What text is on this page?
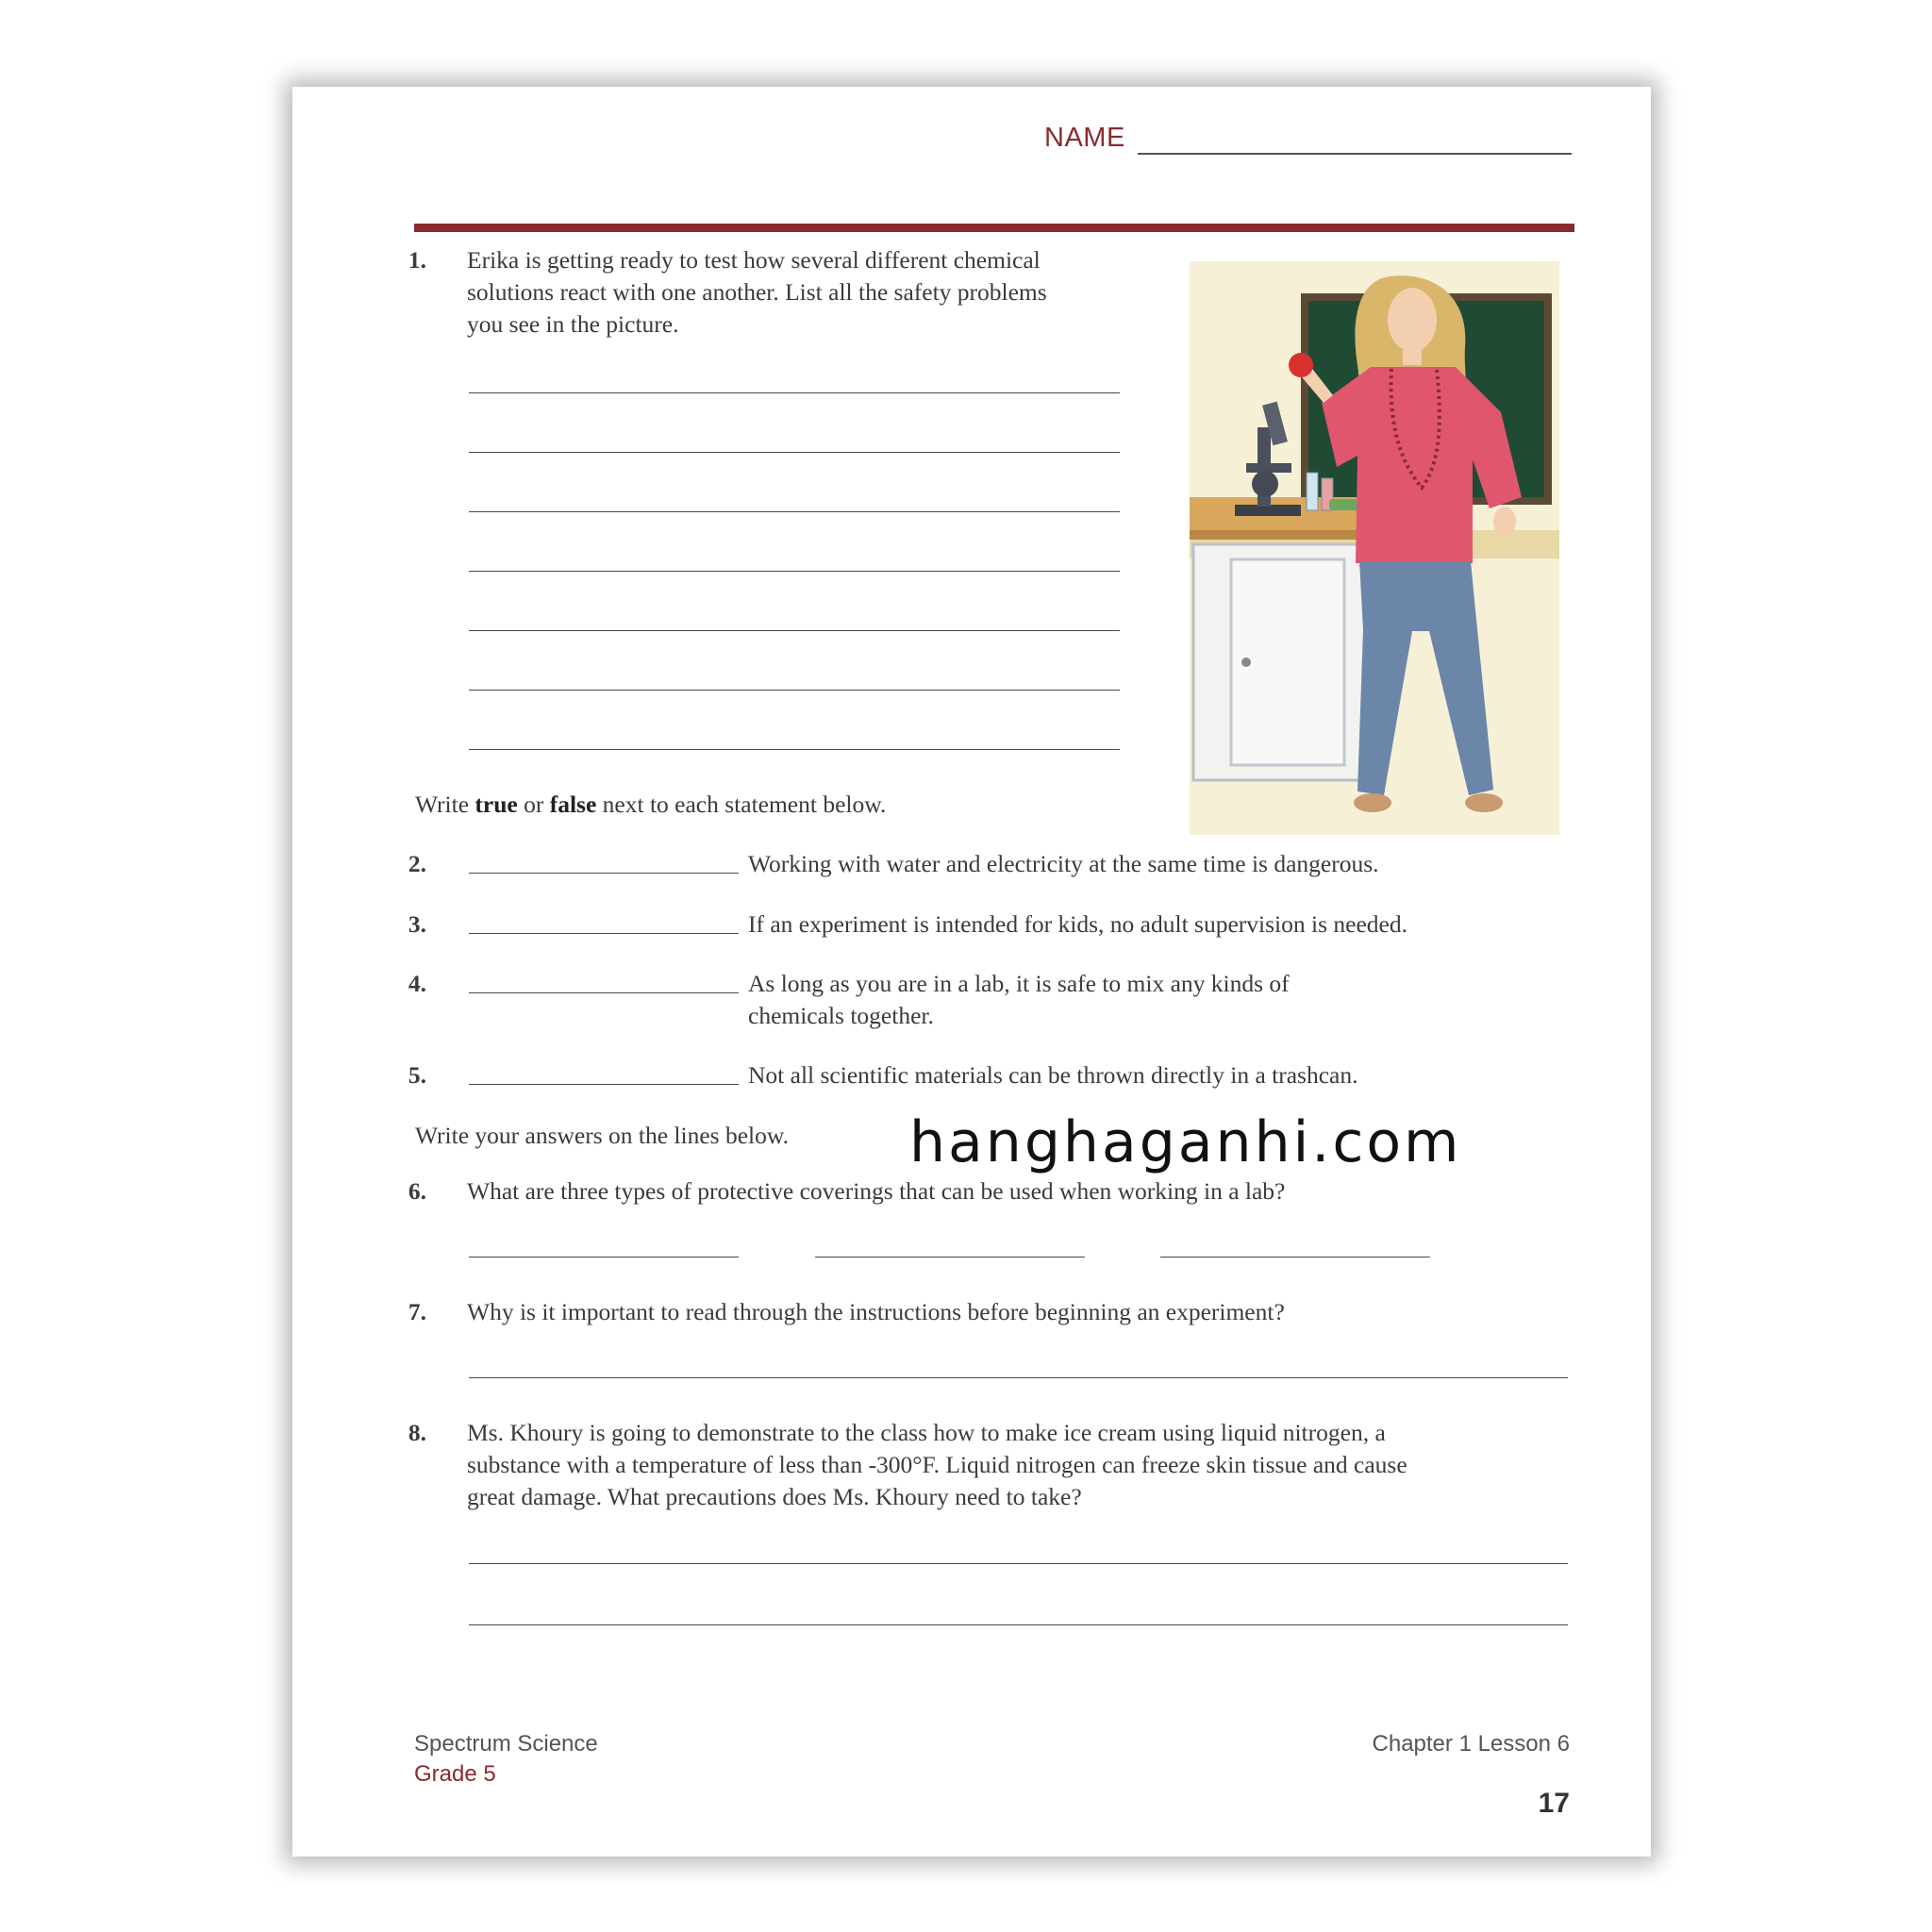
NAME
1. Erika is getting ready to test how several different chemical
solutions react with one another. List all the safety problems
you see in the picture.
Write true or false next to each statement below.
2.	Working with water and electricity at the same time is dangerous.
3.	If an experiment is intended for kids, no adult supervision is needed.
4.	As long as you are in a lab, it is safe to mix any kinds of
chemicals together.
5.	Not all scientific materials can be thrown directly in a trashcan.
Write your answers on the lines below. hanghaganhi.com
6. What are three types of protective coverings that can be used when working in a lab?
7. Why is it important to read through the instructions before beginning an experiment?
8. Ms. Khoury is going to demonstrate to the class how to make ice cream using liquid nitrogen, a
substance with a temperature of less than -300°F. Liquid nitrogen can freeze skin tissue and cause
great damage. What precautions does Ms. Khoury need to take?
Spectrum Science
Grade 5
Chapter 1 Lesson 6
17
